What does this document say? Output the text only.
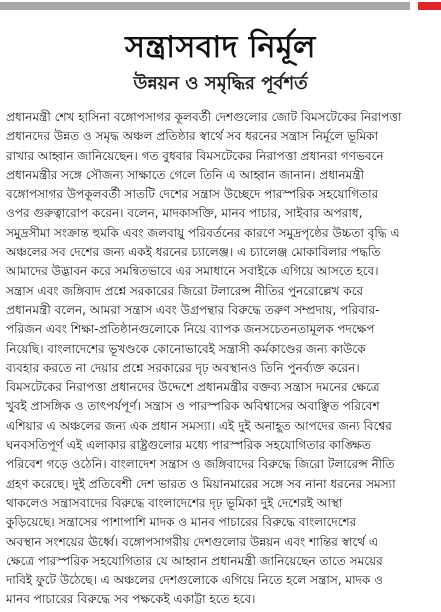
সন্ত্রাসবাদ নির্মূল
উন্নয়ন ও সমৃদ্ধির পূর্বশর্ত
প্রধানমন্ত্রী শেখ হাসিনা বঙ্গোপসাগর কূলবর্তী দেশগুলোর জোট বিমসটেকের নিরাপত্তা
প্রধানদের উন্নত ও সমৃদ্ধ অঞ্চল প্রতিষ্ঠার স্বার্থে সব ধরনের সন্ত্রাস নির্মূলে ভূমিকা
রাখার আহ্বান জানিয়েছেন। গত বুধবার বিমসটেকের নিরাপত্তা প্রধানরা গণভবনে
প্রধানমন্ত্রীর সঙ্গে সৌজন্য সাক্ষাতে গেলে তিনি এ আহ্বান জানান। প্রধানমন্ত্রী
বঙ্গোপসাগর উপকূলবর্তী সাতটি দেশের সন্ত্রাস উচ্ছেদে পারস্পরিক সহযোগিতার
ওপর গুরুত্বারোপ করেন। বলেন, মাদকাসক্তি, মানব পাচার, সাইবার অপরাধ,
সমুদ্রসীমা সংক্রান্ত হুমকি এবং জলবায়ু পরিবর্তনের কারণে সমুদ্রপৃষ্ঠের উচ্চতা বৃদ্ধি এ
অঞ্চলের সব দেশের জন্য একই ধরনের চ্যালেঞ্জ। এ চ্যালেঞ্জ মোকাবিলার পদ্ধতি
আমাদের উদ্ভাবন করে সমন্বিতভাবে এর সমাধানে সবাইকে এগিয়ে আসতে হবে।
সন্ত্রাস এবং জঙ্গিবাদ প্রশ্নে সরকারের জিরো টলারেন্স নীতির পুনরোল্লেখ করে
প্রধানমন্ত্রী বলেন, আমরা সন্ত্রাস এবং উগ্রপন্থার বিরুদ্ধে তরুণ সম্প্রদায়, পরিবার-
পরিজন এবং শিক্ষা-প্রতিষ্ঠানগুলোকে নিয়ে ব্যাপক জনসচেতনতামূলক পদক্ষেপ
নিয়েছি। বাংলাদেশের ভূখণ্ডকে কোনোভাবেই সন্ত্রাসী কর্মকাণ্ডের জন্য কাউকে
ব্যবহার করতে না দেয়ার প্রশ্নে সরকারের দৃঢ় অবস্থানও তিনি পুনর্ব্যক্ত করেন।
বিমসটেকের নিরাপত্তা প্রধানদের উদ্দেশে প্রধানমন্ত্রীর বক্তব্য সন্ত্রাস দমনের ক্ষেত্রে
খুবই প্রাসঙ্গিক ও তাৎপর্যপূর্ণ। সন্ত্রাস ও পারস্পরিক অবিশ্বাসের অবাঞ্ছিত পরিবেশ
এশিয়ার এ অঞ্চলের জন্য এক প্রধান সমস্যা। এই দুই অনাহূত আপদের জন্য বিশ্বের
ঘনবসতিপূর্ণ এই এলাকার রাষ্ট্রগুলোর মধ্যে পারস্পরিক সহযোগিতার কাঙ্ক্ষিত
পরিবেশ গড়ে ওঠেনি। বাংলাদেশ সন্ত্রাস ও জঙ্গিবাদের বিরুদ্ধে জিরো টলারেন্স নীতি
গ্রহণ করেছে। দুই প্রতিবেশী দেশ ভারত ও মিয়ানমারের সঙ্গে সব নানা ধরনের সমস্যা
থাকলেও সন্ত্রাসবাদের বিরুদ্ধে বাংলাদেশের দৃঢ় ভূমিকা দুই দেশেরই আস্থা
কুড়িয়েছে। সন্ত্রাসের পাশাপাশি মাদক ও মানব পাচারের বিরুদ্ধে বাংলাদেশের
অবস্থান সংশয়ের ঊর্ধ্বে। বঙ্গোপসাগরীয় দেশগুলোর উন্নয়ন এবং শান্তির স্বার্থে এ
ক্ষেত্রে পারস্পরিক সহযোগিতার যে আহ্বান প্রধানমন্ত্রী জানিয়েছেন তাতে সময়ের
দাবিই ফুটে উঠেছে। এ অঞ্চলের দেশগুলোকে এগিয়ে নিতে হলে সন্ত্রাস, মাদক ও
মানব পাচারের বিরুদ্ধে সব পক্ষকেই একাট্টা হতে হবে।
